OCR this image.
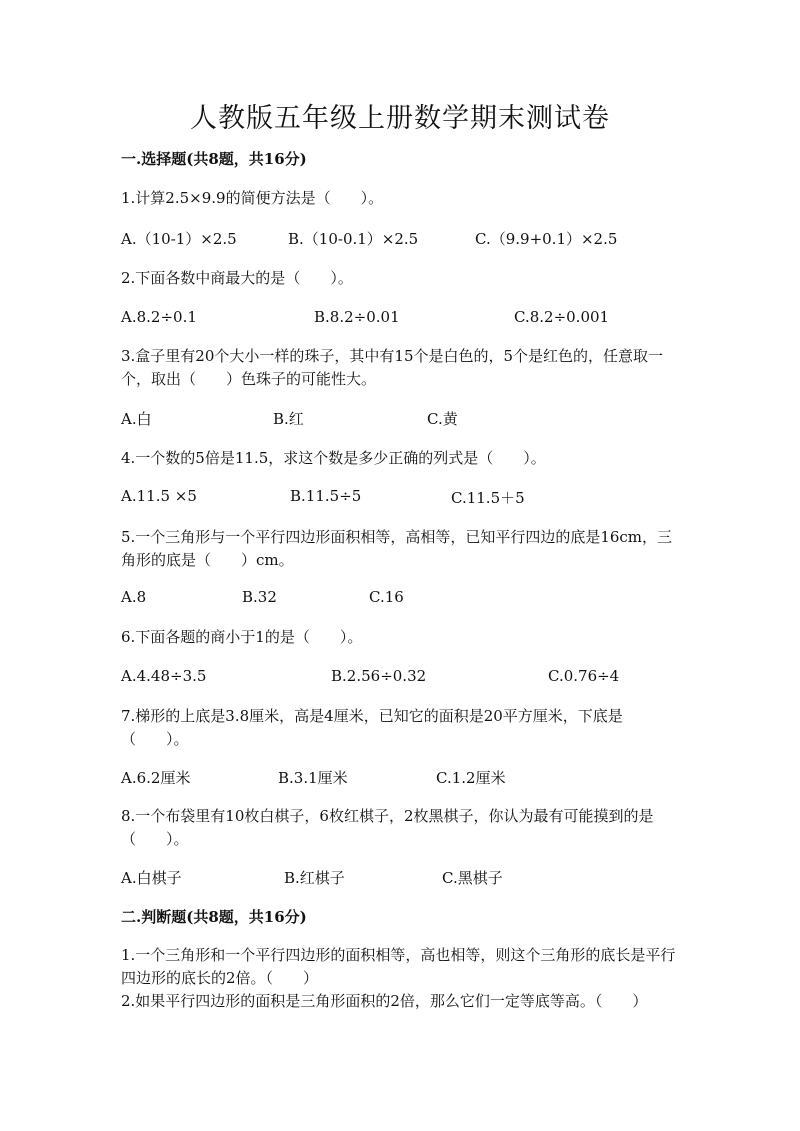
人教版五年级上册数学期末测试卷
一.选择题(共8题，共16分)
1.计算2.5×9.9的简便方法是（　　）。
A.（10-1）×2.5	B.（10-0.1）×2.5	C.（9.9+0.1）×2.5
2.下面各数中商最大的是（　　）。
A.8.2÷0.1	B.8.2÷0.01	C.8.2÷0.001
3.盒子里有20个大小一样的珠子，其中有15个是白色的，5个是红色的，任意取一个，取出（　　）色珠子的可能性大。
A.白	B.红	C.黄
4.一个数的5倍是11.5，求这个数是多少正确的列式是（　　）。
A.11.5 ×5	B.11.5÷5	C.11.5＋5
5.一个三角形与一个平行四边形面积相等，高相等，已知平行四边的底是16cm，三角形的底是（　　）cm。
A.8	B.32	C.16
6.下面各题的商小于1的是（　　）。
A.4.48÷3.5	B.2.56÷0.32	C.0.76÷4
7.梯形的上底是3.8厘米，高是4厘米，已知它的面积是20平方厘米，下底是（　　）。
A.6.2厘米	B.3.1厘米	C.1.2厘米
8.一个布袋里有10枚白棋子，6枚红棋子，2枚黑棋子，你认为最有可能摸到的是（　　）。
A.白棋子	B.红棋子	C.黑棋子
二.判断题(共8题，共16分)
1.一个三角形和一个平行四边形的面积相等，高也相等，则这个三角形的底长是平行四边形的底长的2倍。（　　）
2.如果平行四边形的面积是三角形面积的2倍，那么它们一定等底等高。（　　）
